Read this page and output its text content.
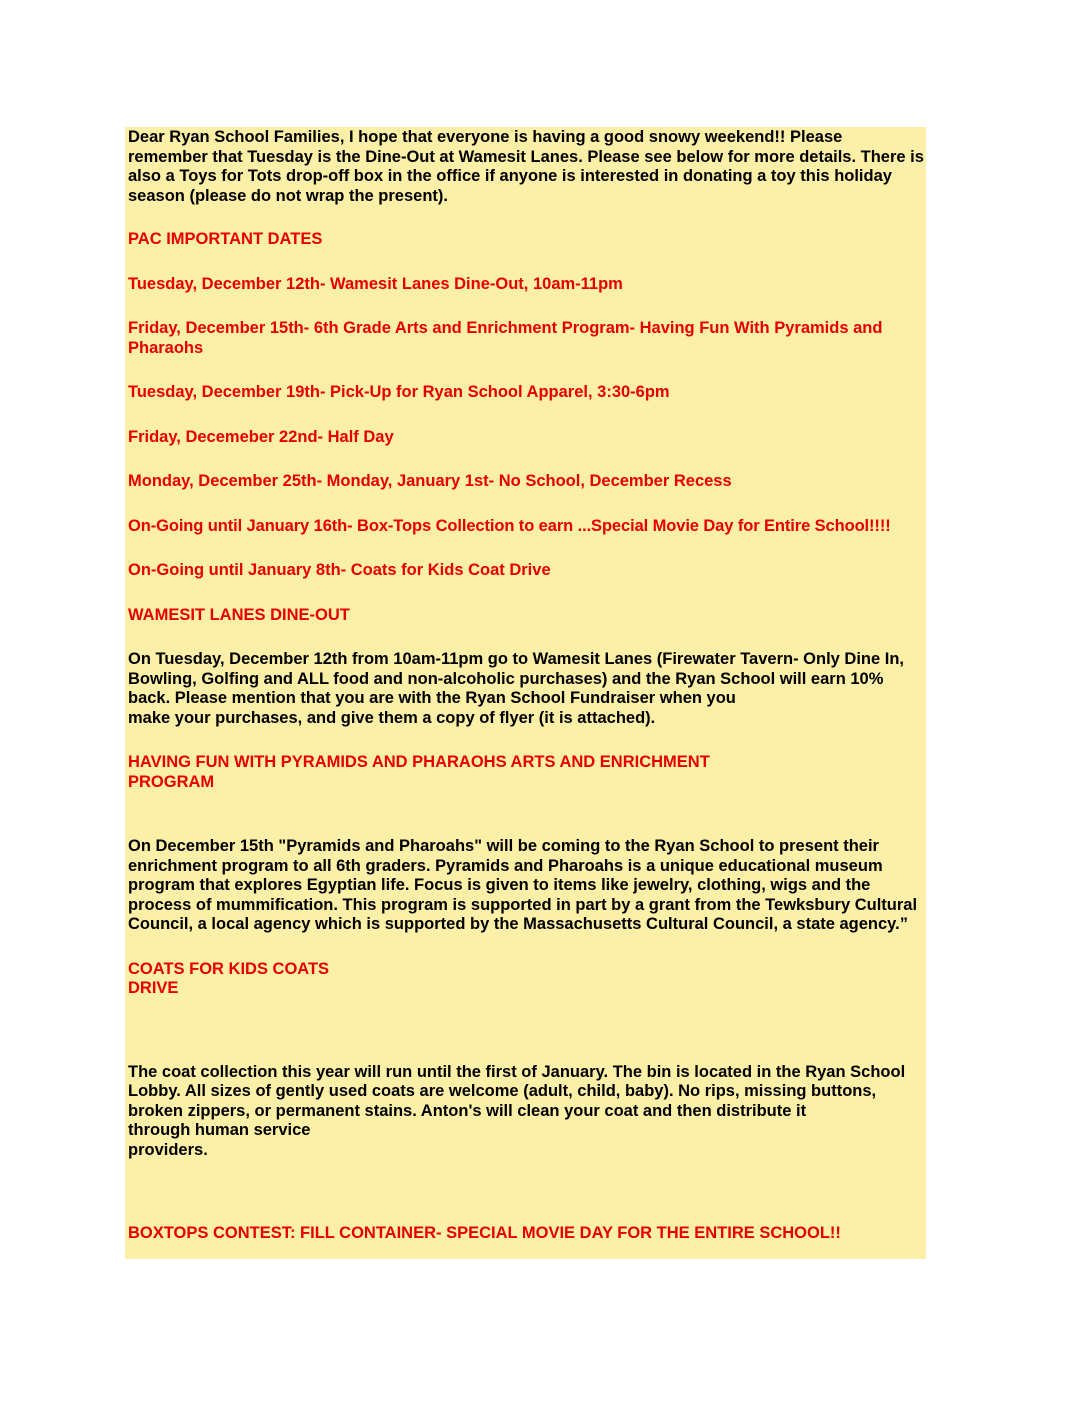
Dear Ryan School Families, I hope that everyone is having a good snowy weekend!! Please remember that Tuesday is the Dine-Out at Wamesit Lanes. Please see below for more details. There is also a Toys for Tots drop-off box in the office if anyone is interested in donating a toy this holiday season (please do not wrap the present).

PAC IMPORTANT DATES

Tuesday, December 12th- Wamesit Lanes Dine-Out, 10am-11pm

Friday, December 15th- 6th Grade Arts and Enrichment Program- Having Fun With Pyramids and Pharaohs

Tuesday, December 19th- Pick-Up for Ryan School Apparel, 3:30-6pm

Friday, Decemeber 22nd- Half Day

Monday, December 25th- Monday, January 1st- No School, December Recess

On-Going until January 16th- Box-Tops Collection to earn ...Special Movie Day for Entire School!!!!

On-Going until January 8th- Coats for Kids Coat Drive

WAMESIT LANES DINE-OUT

On Tuesday, December 12th from 10am-11pm go to Wamesit Lanes (Firewater Tavern- Only Dine In, Bowling, Golfing and ALL food and non-alcoholic purchases) and the Ryan School will earn 10% back. Please mention that you are with the Ryan School Fundraiser when you
make your purchases, and give them a copy of flyer (it is attached).

HAVING FUN WITH PYRAMIDS AND PHARAOHS ARTS AND ENRICHMENT
PROGRAM

On December 15th "Pyramids and Pharoahs" will be coming to the Ryan School to present their enrichment program to all 6th graders. Pyramids and Pharoahs is a unique educational museum program that explores Egyptian life. Focus is given to items like jewelry, clothing, wigs and the process of mummification. This program is supported in part by a grant from the Tewksbury Cultural Council, a local agency which is supported by the Massachusetts Cultural Council, a state agency.”

COATS FOR KIDS COATS
DRIVE

The coat collection this year will run until the first of January. The bin is located in the Ryan School Lobby. All sizes of gently used coats are welcome (adult, child, baby). No rips, missing buttons, broken zippers, or permanent stains. Anton's will clean your coat and then distribute it
through human service
providers.

BOXTOPS CONTEST: FILL CONTAINER- SPECIAL MOVIE DAY FOR THE ENTIRE SCHOOL!!
